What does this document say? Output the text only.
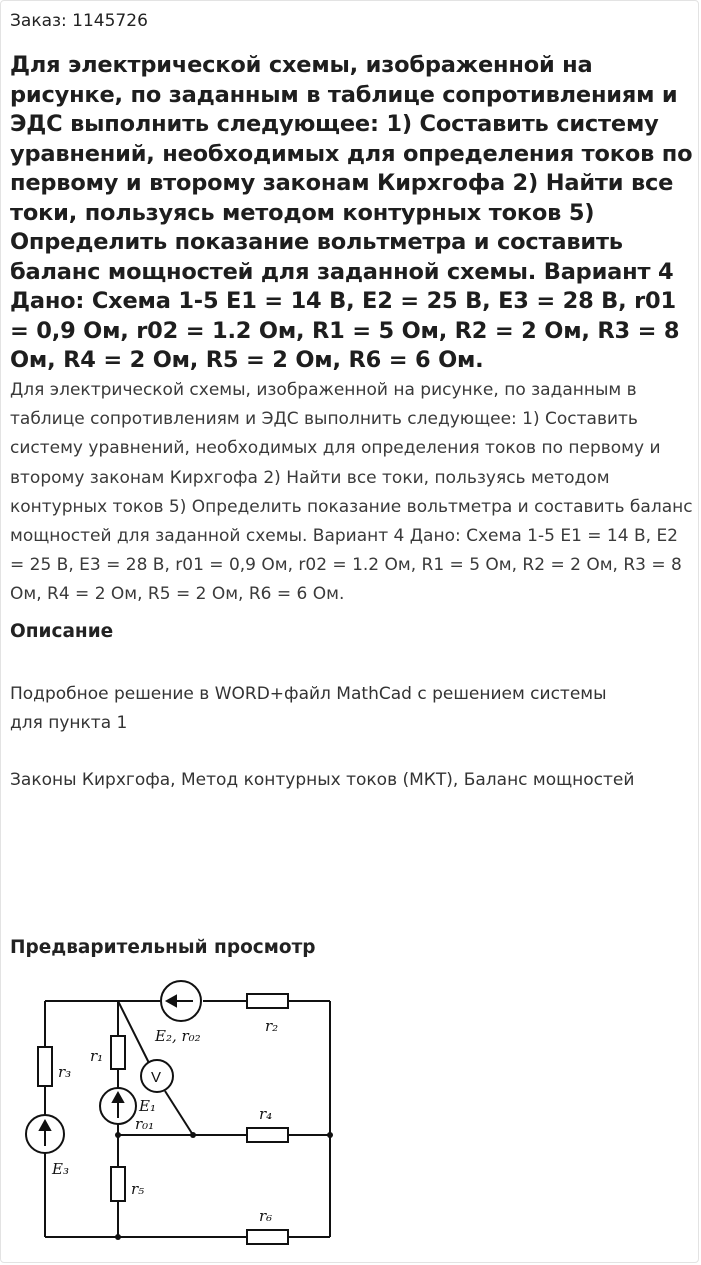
Заказ: 1145726
Для электрической схемы, изображенной на рисунке, по заданным в таблице сопротивлениям и ЭДС выполнить следующее: 1) Составить систему уравнений, необходимых для определения токов по первому и второму законам Кирхгофа 2) Найти все токи, пользуясь методом контурных токов 5) Определить показание вольтметра и составить баланс мощностей для заданной схемы. Вариант 4 Дано: Схема 1-5 E1 = 14 В, E2 = 25 В, E3 = 28 В, r01 = 0,9 Ом, r02 = 1.2 Ом, R1 = 5 Ом, R2 = 2 Ом, R3 = 8 Ом, R4 = 2 Ом, R5 = 2 Ом, R6 = 6 Ом.
Для электрической схемы, изображенной на рисунке, по заданным в таблице сопротивлениям и ЭДС выполнить следующее: 1) Составить систему уравнений, необходимых для определения токов по первому и второму законам Кирхгофа 2) Найти все токи, пользуясь методом контурных токов 5) Определить показание вольтметра и составить баланс мощностей для заданной схемы. Вариант 4 Дано: Схема 1-5 E1 = 14 В, E2 = 25 В, E3 = 28 В, r01 = 0,9 Ом, r02 = 1.2 Ом, R1 = 5 Ом, R2 = 2 Ом, R3 = 8 Ом, R4 = 2 Ом, R5 = 2 Ом, R6 = 6 Ом.
Описание
Подробное решение в WORD+файл MathCad с решением системы
для пункта 1
Законы Кирхгофа, Метод контурных токов (МКТ), Баланс мощностей
Предварительный просмотр
E₂, r₀₂
r₂
r₁
V
E₁
r₀₁
r₃
r₄
E₃
r₅
r₆
